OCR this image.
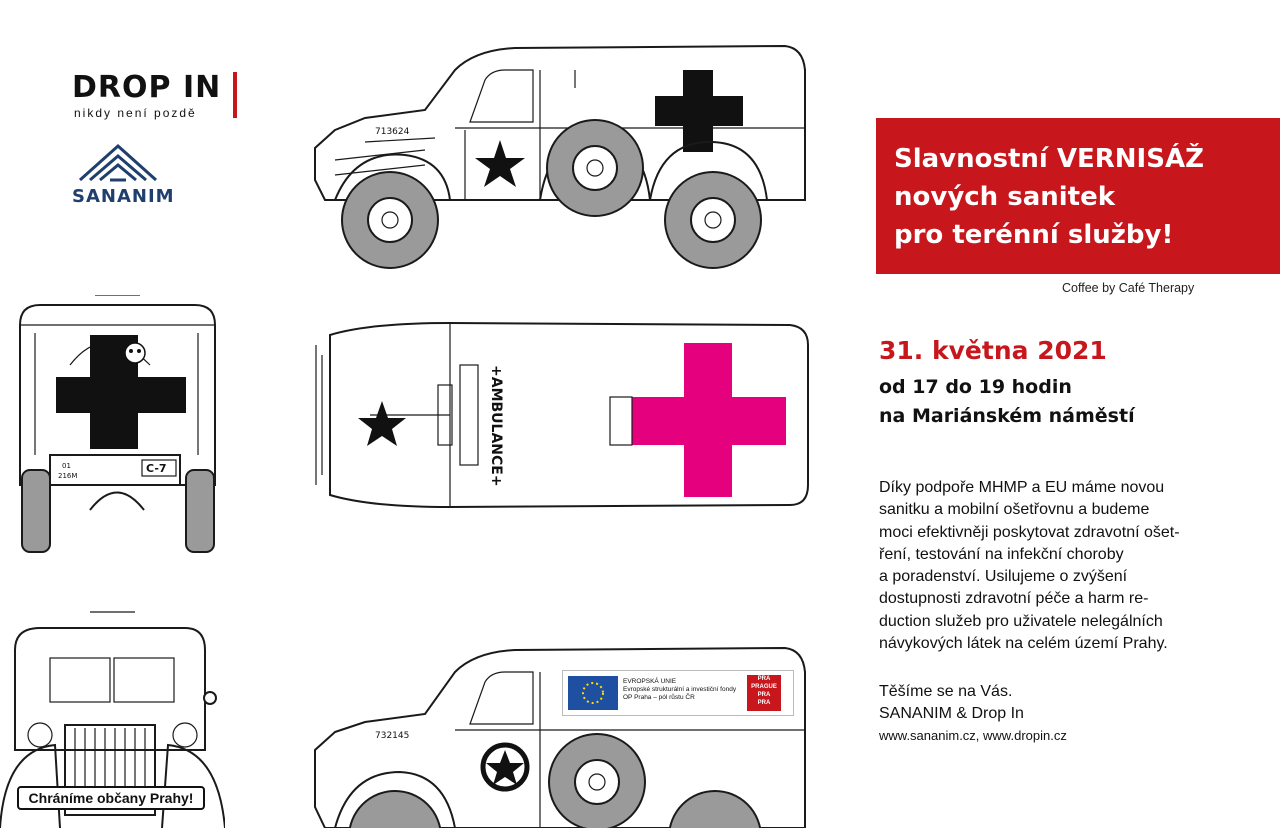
DROP IN
nikdy není pozdě
SANANIM
713624
Slavnostní VERNISÁŽ
nových sanitek
pro terénní služby!
Coffee by Café Therapy
01
216M
C-7	+AMBULANCE+
Chráníme občany Prahy!
732145
EVROPSKÁ UNIE
Evropské strukturální a investiční fondy
OP Praha – pól růstu ČR
PRA
PRAGUE
PRA
PRA
31. května 2021
od 17 do 19 hodin
na Mariánském náměstí
Díky podpoře MHMP a EU máme novou
sanitku a mobilní ošetřovnu a budeme
moci efektivněji poskytovat zdravotní ošet-
ření, testování na infekční choroby
a poradenství. Usilujeme o zvýšení
dostupnosti zdravotní péče a harm re-
duction služeb pro uživatele nelegálních
návykových látek na celém území Prahy.
Těšíme se na Vás.
SANANIM & Drop In
www.sananim.cz, www.dropin.cz
